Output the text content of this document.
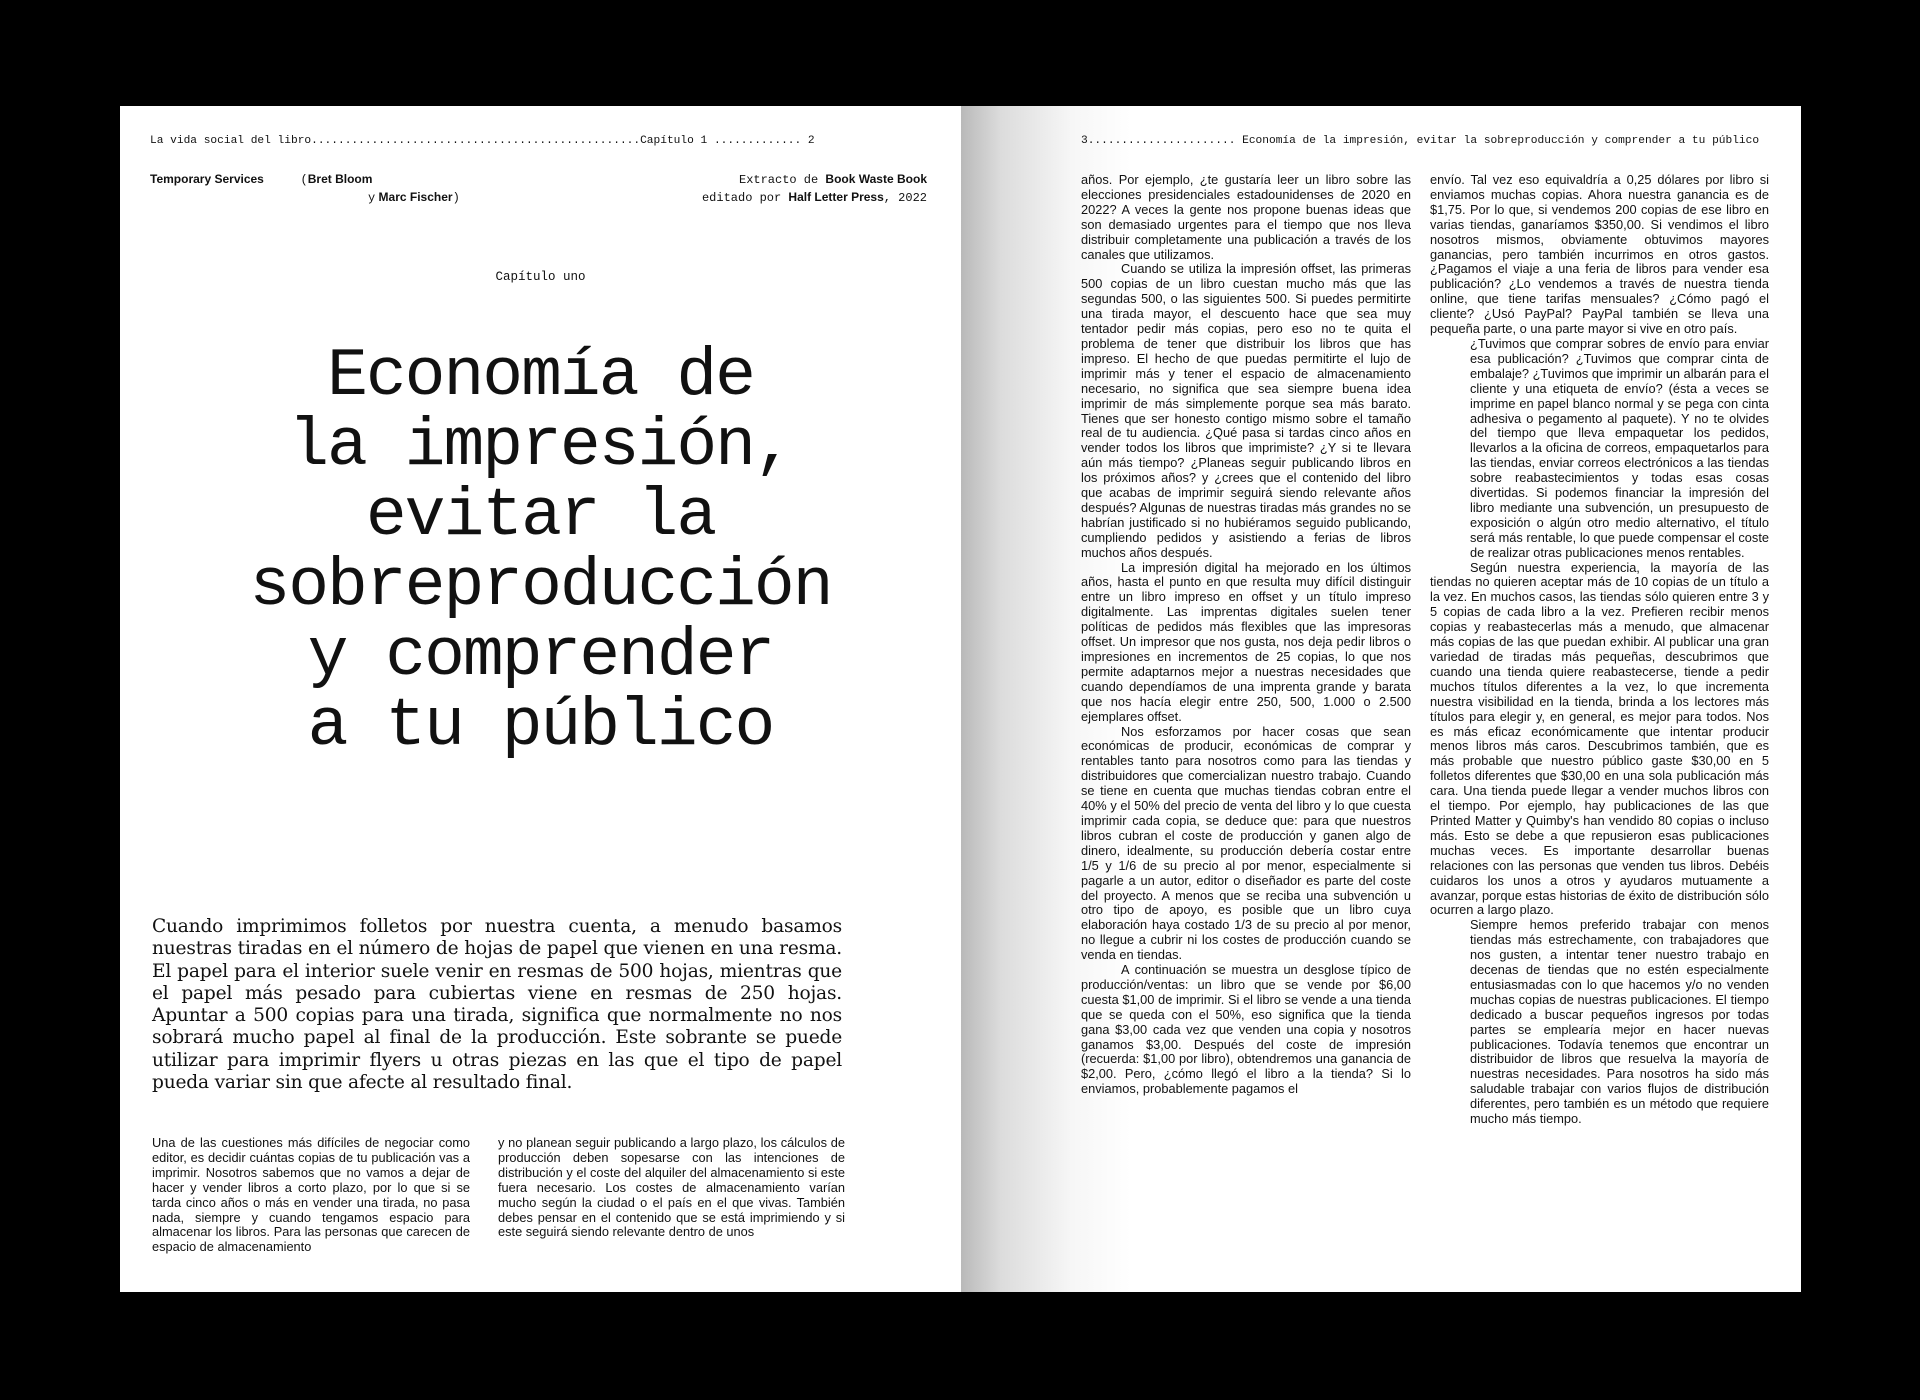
La vida social del libro.................................................Capítulo 1 ............. 2
Temporary Services	(Bret Bloom
y Marc Fischer)
Extracto de Book Waste Book
editado por Half Letter Press, 2022
Capítulo uno
Economía de
la impresión,
evitar la
sobreproducción
y comprender
a tu público

Cuando imprimimos folletos por nuestra cuenta, a menudo basamos nuestras tiradas en el número de hojas de papel que vienen en una resma. El papel para el interior suele venir en resmas de 500 hojas, mientras que el papel más pesado para cubiertas viene en resmas de 250 hojas. Apuntar a 500 copias para una tirada, significa que normalmente no nos sobrará mucho papel al final de la producción. Este sobrante se puede utilizar para imprimir flyers u otras piezas en las que el tipo de papel pueda variar sin que afecte al resultado final.

Una de las cuestiones más difíciles de negociar como editor, es decidir cuántas copias de tu publicación vas a imprimir. Nosotros sabemos que no vamos a dejar de hacer y vender libros a corto plazo, por lo que si se tarda cinco años o más en vender una tirada, no pasa nada, siempre y cuando tengamos espacio para almacenar los libros. Para las personas que carecen de espacio de almacenamiento

y no planean seguir publicando a largo plazo, los cálculos de producción deben sopesarse con las intenciones de distribución y el coste del alquiler del almacenamiento si este fuera necesario. Los costes de almacenamiento varían mucho según la ciudad o el país en el que vivas. También debes pensar en el contenido que se está imprimiendo y si este seguirá siendo relevante dentro de unos

3...................... Economía de la impresión, evitar la sobreproducción y comprender a tu público

años. Por ejemplo, ¿te gustaría leer un libro sobre las elecciones presidenciales estadounidenses de 2020 en 2022? A veces la gente nos propone buenas ideas que son demasiado urgentes para el tiempo que nos lleva distribuir completamente una publicación a través de los canales que utilizamos.

Cuando se utiliza la impresión offset, las primeras 500 copias de un libro cuestan mucho más que las segundas 500, o las siguientes 500. Si puedes permitirte una tirada mayor, el descuento hace que sea muy tentador pedir más copias, pero eso no te quita el problema de tener que distribuir los libros que has impreso. El hecho de que puedas permitirte el lujo de imprimir más y tener el espacio de almacenamiento necesario, no significa que sea siempre buena idea imprimir de más simplemente porque sea más barato. Tienes que ser honesto contigo mismo sobre el tamaño real de tu audiencia. ¿Qué pasa si tardas cinco años en vender todos los libros que imprimiste? ¿Y si te llevara aún más tiempo? ¿Planeas seguir publicando libros en los próximos años? y ¿crees que el contenido del libro que acabas de imprimir seguirá siendo relevante años después? Algunas de nuestras tiradas más grandes no se habrían justificado si no hubiéramos seguido publicando, cumpliendo pedidos y asistiendo a ferias de libros muchos años después.

La impresión digital ha mejorado en los últimos años, hasta el punto en que resulta muy difícil distinguir entre un libro impreso en offset y un título impreso digitalmente. Las imprentas digitales suelen tener políticas de pedidos más flexibles que las impresoras offset. Un impresor que nos gusta, nos deja pedir libros o impresiones en incrementos de 25 copias, lo que nos permite adaptarnos mejor a nuestras necesidades que cuando dependíamos de una imprenta grande y barata que nos hacía elegir entre 250, 500, 1.000 o 2.500 ejemplares offset.

Nos esforzamos por hacer cosas que sean económicas de producir, económicas de comprar y rentables tanto para nosotros como para las tiendas y distribuidores que comercializan nuestro trabajo. Cuando se tiene en cuenta que muchas tiendas cobran entre el 40% y el 50% del precio de venta del libro y lo que cuesta imprimir cada copia, se deduce que: para que nuestros libros cubran el coste de producción y ganen algo de dinero, idealmente, su producción debería costar entre 1/5 y 1/6 de su precio al por menor, especialmente si pagarle a un autor, editor o diseñador es parte del coste del proyecto. A menos que se reciba una subvención u otro tipo de apoyo, es posible que un libro cuya elaboración haya costado 1/3 de su precio al por menor, no llegue a cubrir ni los costes de producción cuando se venda en tiendas.

A continuación se muestra un desglose típico de producción/ventas: un libro que se vende por $6,00 cuesta $1,00 de imprimir. Si el libro se vende a una tienda que se queda con el 50%, eso significa que la tienda gana $3,00 cada vez que venden una copia y nosotros ganamos $3,00. Después del coste de impresión (recuerda: $1,00 por libro), obtendremos una ganancia de $2,00. Pero, ¿cómo llegó el libro a la tienda? Si lo enviamos, probablemente pagamos el

envío. Tal vez eso equivaldría a 0,25 dólares por libro si enviamos muchas copias. Ahora nuestra ganancia es de $1,75. Por lo que, si vendemos 200 copias de ese libro en varias tiendas, ganaríamos $350,00. Si vendimos el libro nosotros mismos, obviamente obtuvimos mayores ganancias, pero también incurrimos en otros gastos. ¿Pagamos el viaje a una feria de libros para vender esa publicación? ¿Lo vendemos a través de nuestra tienda online, que tiene tarifas mensuales? ¿Cómo pagó el cliente? ¿Usó PayPal? PayPal también se lleva una pequeña parte, o una parte mayor si vive en otro país.

¿Tuvimos que comprar sobres de envío para enviar esa publicación? ¿Tuvimos que comprar cinta de embalaje? ¿Tuvimos que imprimir un albarán para el cliente y una etiqueta de envío? (ésta a veces se imprime en papel blanco normal y se pega con cinta adhesiva o pegamento al paquete). Y no te olvides del tiempo que lleva empaquetar los pedidos, llevarlos a la oficina de correos, empaquetarlos para las tiendas, enviar correos electrónicos a las tiendas sobre reabastecimientos y todas esas cosas divertidas. Si podemos financiar la impresión del libro mediante una subvención, un presupuesto de exposición o algún otro medio alternativo, el título será más rentable, lo que puede compensar el coste de realizar otras publicaciones menos rentables.

Según nuestra experiencia, la mayoría de las tiendas no quieren aceptar más de 10 copias de un título a la vez. En muchos casos, las tiendas sólo quieren entre 3 y 5 copias de cada libro a la vez. Prefieren recibir menos copias y reabastecerlas más a menudo, que almacenar más copias de las que puedan exhibir. Al publicar una gran variedad de tiradas más pequeñas, descubrimos que cuando una tienda quiere reabastecerse, tiende a pedir muchos títulos diferentes a la vez, lo que incrementa nuestra visibilidad en la tienda, brinda a los lectores más títulos para elegir y, en general, es mejor para todos. Nos es más eficaz económicamente que intentar producir menos libros más caros. Descubrimos también, que es más probable que nuestro público gaste $30,00 en 5 folletos diferentes que $30,00 en una sola publicación más cara. Una tienda puede llegar a vender muchos libros con el tiempo. Por ejemplo, hay publicaciones de las que Printed Matter y Quimby's han vendido 80 copias o incluso más. Esto se debe a que repusieron esas publicaciones muchas veces. Es importante desarrollar buenas relaciones con las personas que venden tus libros. Debéis cuidaros los unos a otros y ayudaros mutuamente a avanzar, porque estas historias de éxito de distribución sólo ocurren a largo plazo.

Siempre hemos preferido trabajar con menos tiendas más estrechamente, con trabajadores que nos gusten, a intentar tener nuestro trabajo en decenas de tiendas que no estén especialmente entusiasmadas con lo que hacemos y/o no venden muchas copias de nuestras publicaciones. El tiempo dedicado a buscar pequeños ingresos por todas partes se emplearía mejor en hacer nuevas publicaciones. Todavía tenemos que encontrar un distribuidor de libros que resuelva la mayoría de nuestras necesidades. Para nosotros ha sido más saludable trabajar con varios flujos de distribución diferentes, pero también es un método que requiere mucho más tiempo.
